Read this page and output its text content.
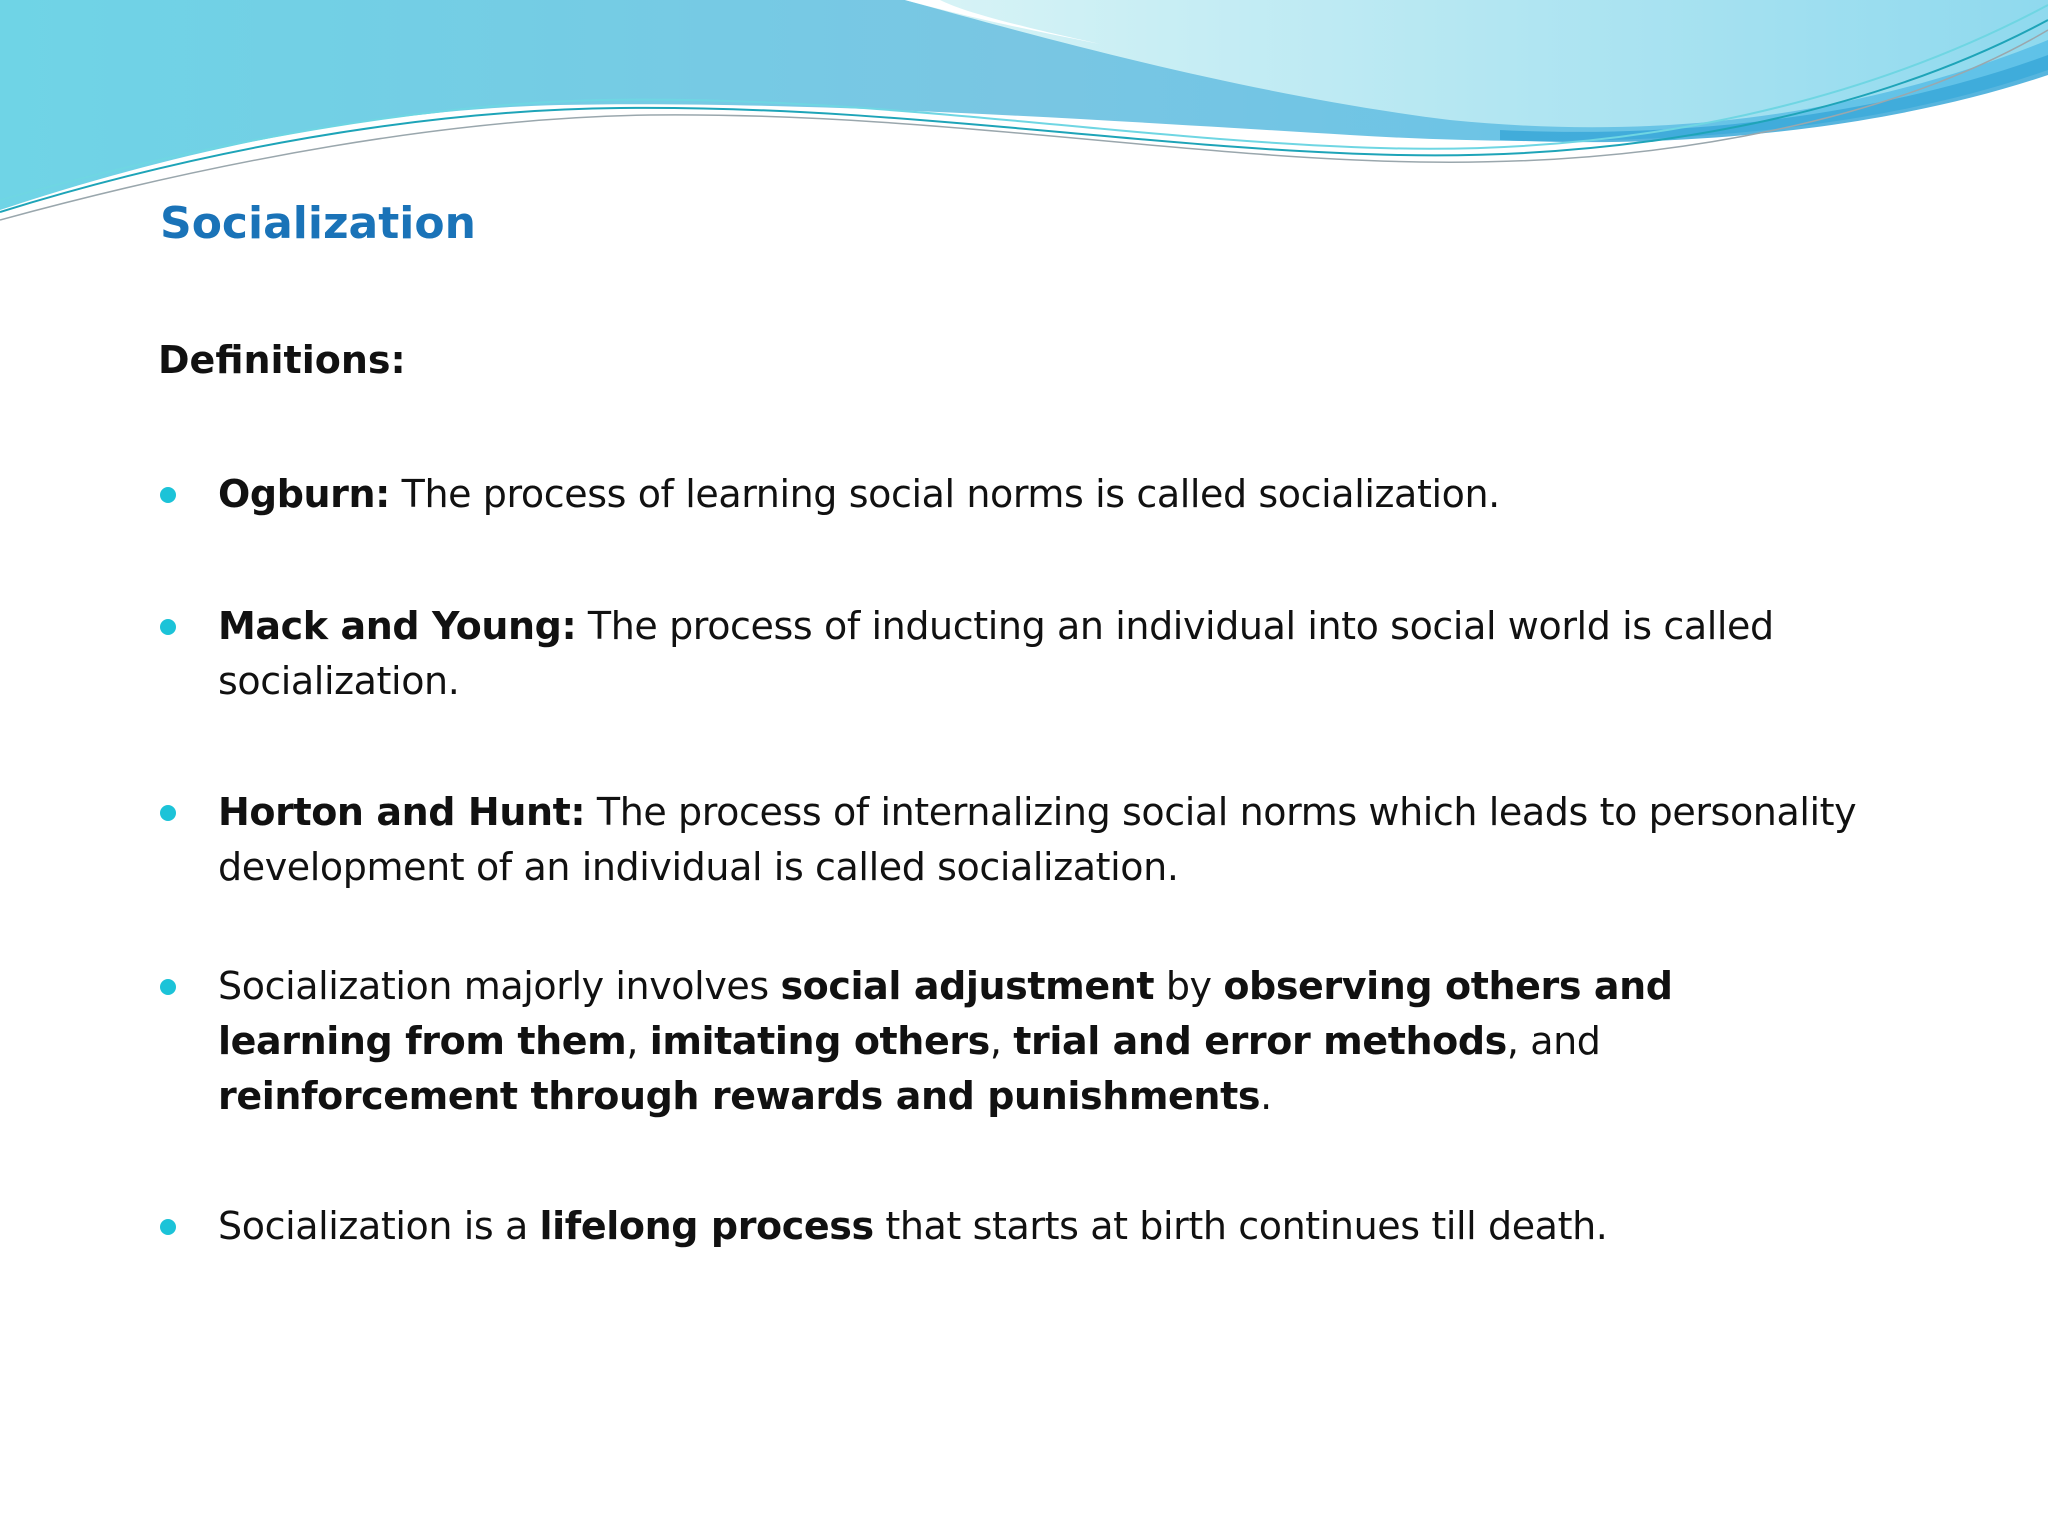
Socialization
Definitions:
Ogburn: The process of learning social norms is called socialization.
Mack and Young: The process of inducting an individual into social world is called socialization.
Horton and Hunt: The process of internalizing social norms which leads to personality development of an individual is called socialization.
Socialization majorly involves social adjustment by observing others and learning from them, imitating others, trial and error methods, and reinforcement through rewards and punishments.
Socialization is a lifelong process that starts at birth continues till death.
